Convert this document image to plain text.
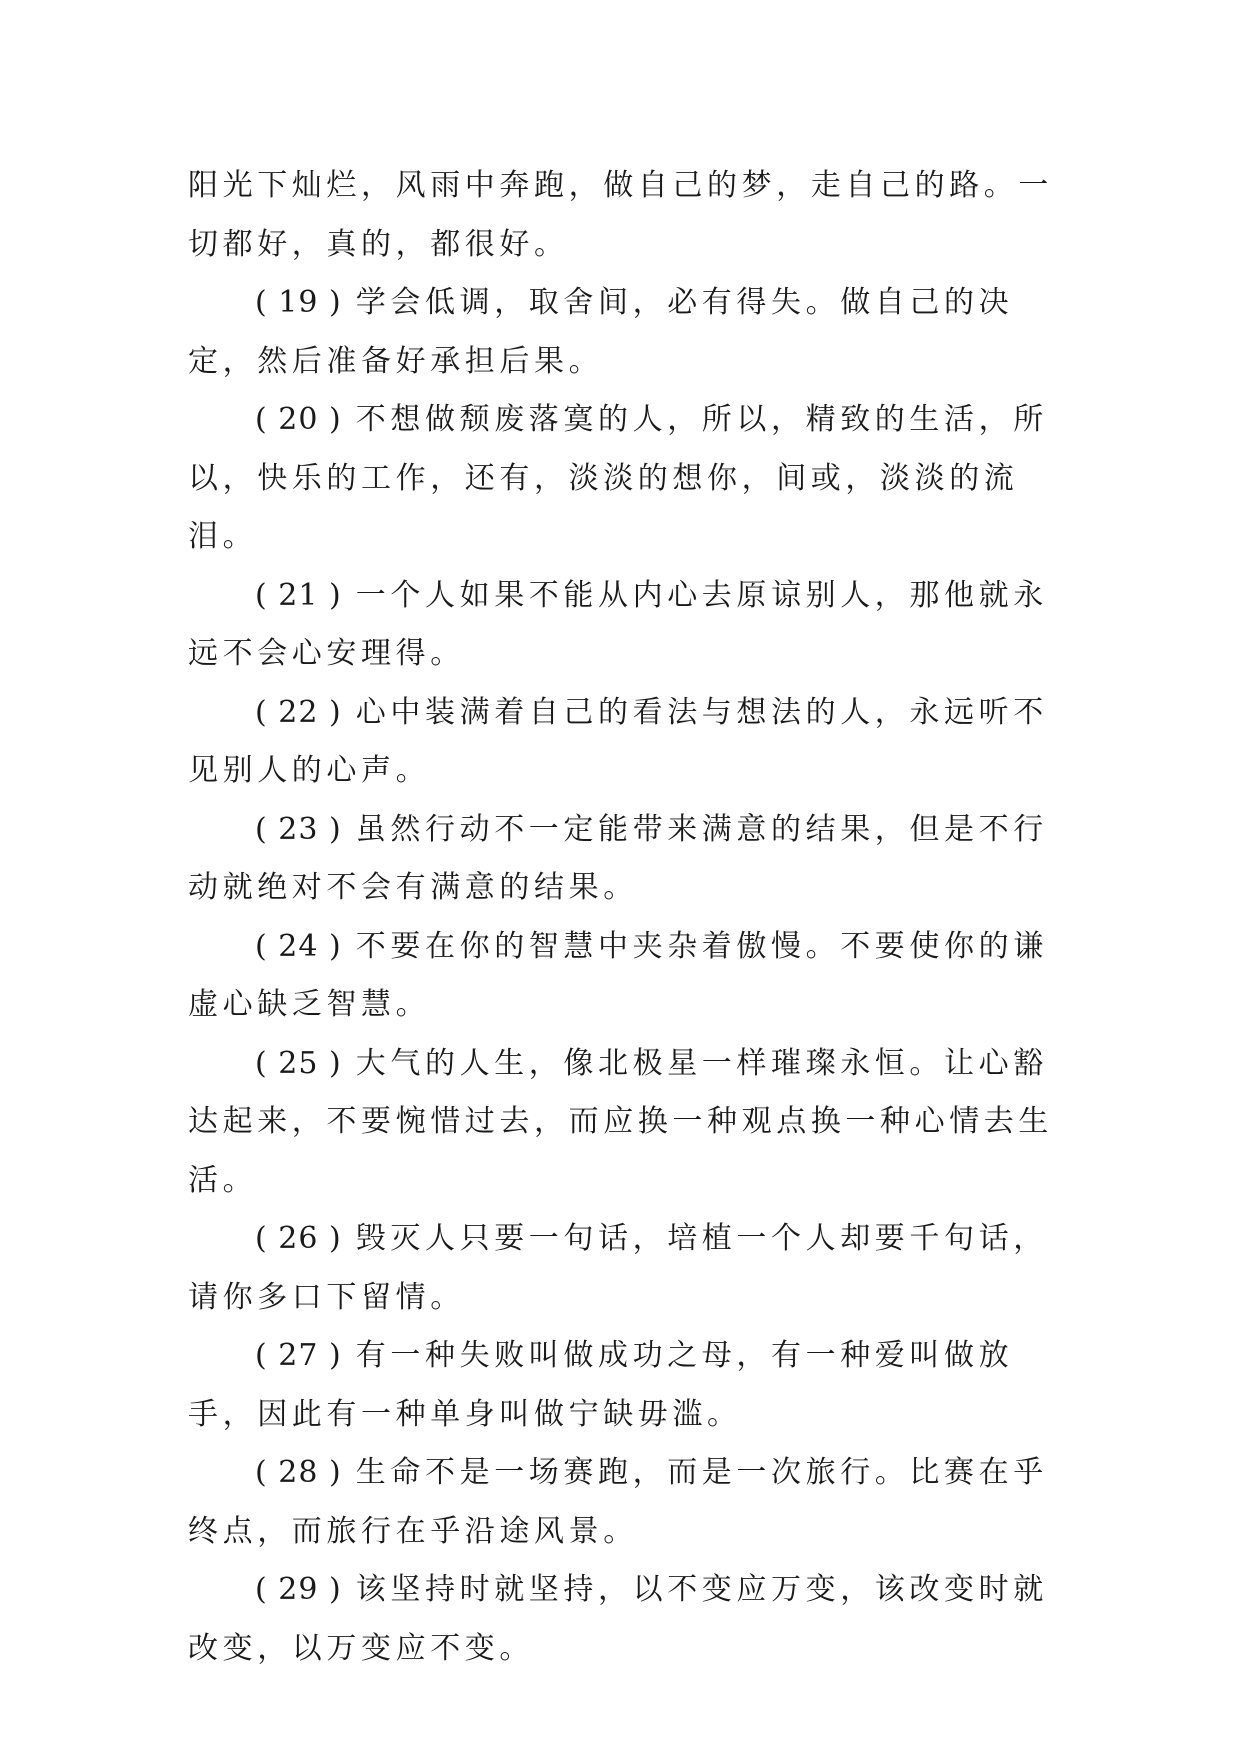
阳光下灿烂，风雨中奔跑，做自己的梦，走自己的路。一切都好，真的，都很好。

( 19 ) 学会低调，取舍间，必有得失。做自己的决定，然后准备好承担后果。

( 20 ) 不想做颓废落寞的人，所以，精致的生活，所以，快乐的工作，还有，淡淡的想你，间或，淡淡的流泪。

( 21 ) 一个人如果不能从内心去原谅别人，那他就永远不会心安理得。

( 22 ) 心中装满着自己的看法与想法的人，永远听不见别人的心声。

( 23 ) 虽然行动不一定能带来满意的结果，但是不行动就绝对不会有满意的结果。

( 24 ) 不要在你的智慧中夹杂着傲慢。不要使你的谦虚心缺乏智慧。

( 25 ) 大气的人生，像北极星一样璀璨永恒。让心豁达起来，不要惋惜过去，而应换一种观点换一种心情去生活。

( 26 ) 毁灭人只要一句话，培植一个人却要千句话，请你多口下留情。

( 27 ) 有一种失败叫做成功之母，有一种爱叫做放手，因此有一种单身叫做宁缺毋滥。

( 28 ) 生命不是一场赛跑，而是一次旅行。比赛在乎终点，而旅行在乎沿途风景。

( 29 ) 该坚持时就坚持，以不变应万变，该改变时就改变，以万变应不变。
